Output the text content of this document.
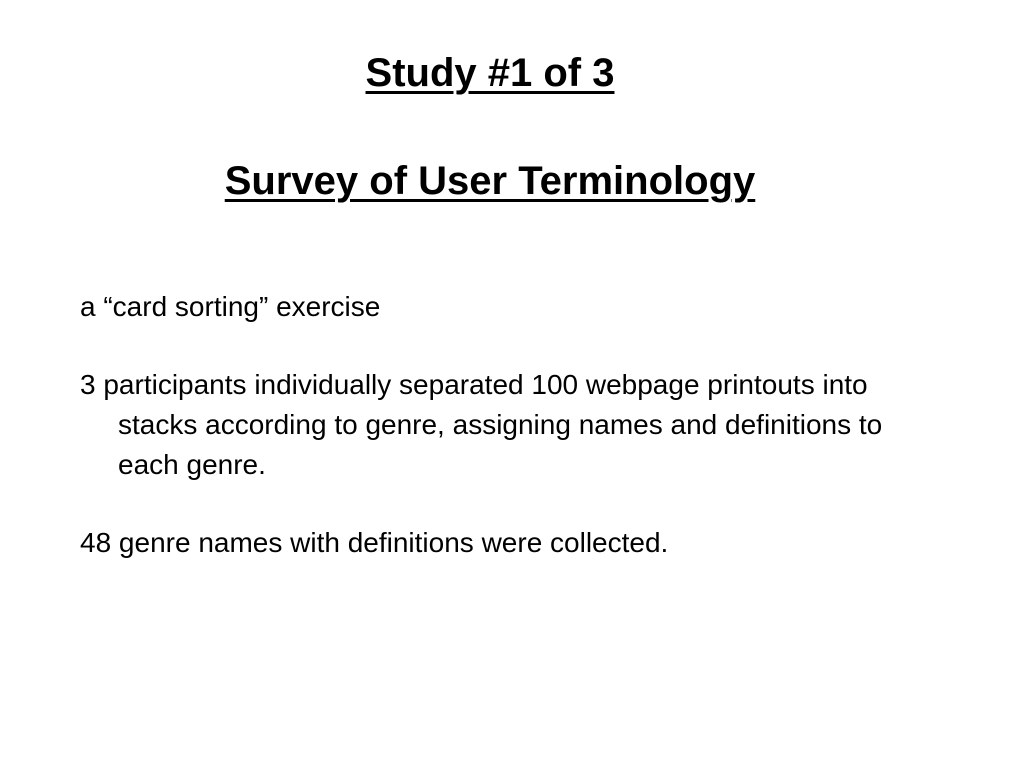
Study #1 of 3
Survey of User Terminology
a “card sorting” exercise
3 participants individually separated 100 webpage printouts into stacks according to genre, assigning names and definitions to each genre.
48 genre names with definitions were collected.
